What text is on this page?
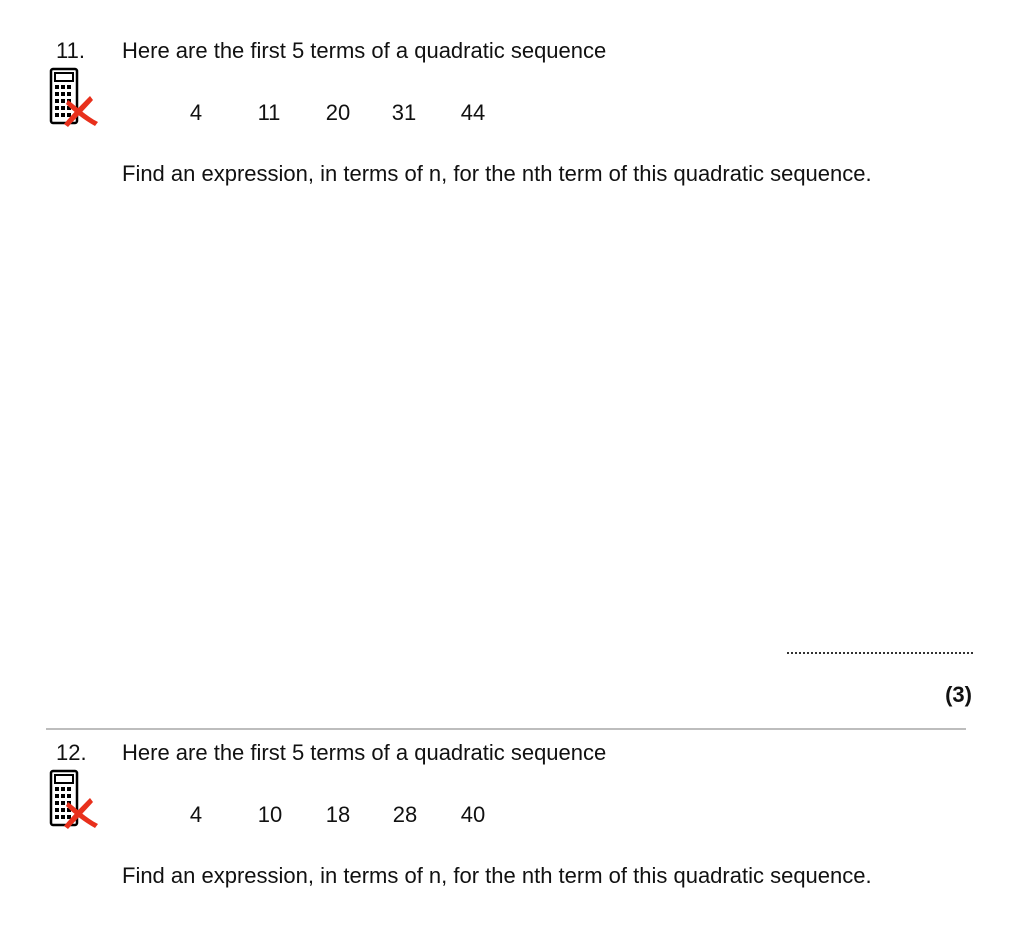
11. Here are the first 5 terms of a quadratic sequence
4	11	20	31	44
Find an expression, in terms of n, for the nth term of this quadratic sequence.
(3)
12. Here are the first 5 terms of a quadratic sequence
4	10	18	28	40
Find an expression, in terms of n, for the nth term of this quadratic sequence.
